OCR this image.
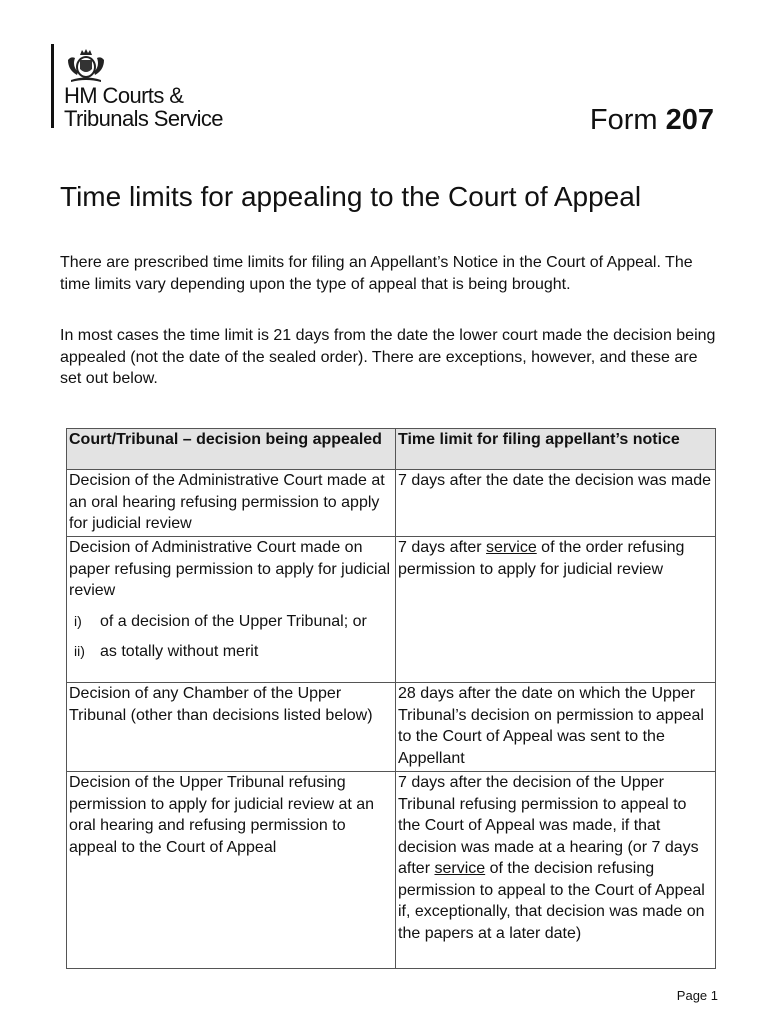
HM Courts &
Tribunals Service	Form 207
Time limits for appealing to the Court of Appeal

There are prescribed time limits for filing an Appellant’s Notice in the Court of Appeal. The time limits vary depending upon the type of appeal that is being brought.

In most cases the time limit is 21 days from the date the lower court made the decision being appealed (not the date of the sealed order). There are exceptions, however, and these are set out below.

Court/Tribunal – decision being appealed	Time limit for filing appellant’s notice
Decision of the Administrative Court made at an oral hearing refusing permission to apply for judicial review	7 days after the date the decision was made
Decision of Administrative Court made on paper refusing permission to apply for judicial review
i) of a decision of the Upper Tribunal; or
ii) as totally without merit	7 days after service of the order refusing permission to apply for judicial review
Decision of any Chamber of the Upper Tribunal (other than decisions listed below)	28 days after the date on which the Upper Tribunal’s decision on permission to appeal to the Court of Appeal was sent to the Appellant
Decision of the Upper Tribunal refusing permission to apply for judicial review at an oral hearing and refusing permission to appeal to the Court of Appeal	7 days after the decision of the Upper Tribunal refusing permission to appeal to the Court of Appeal was made, if that decision was made at a hearing (or 7 days after service of the decision refusing permission to appeal to the Court of Appeal if, exceptionally, that decision was made on the papers at a later date)
Page 1
